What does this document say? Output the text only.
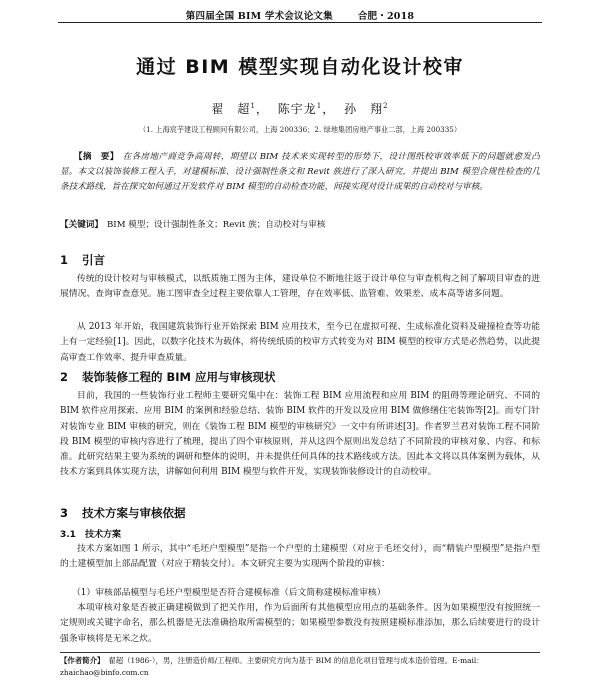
第四届全国 BIM 学术会议论文集	合肥・2018
通过 BIM 模型实现自动化设计校审
翟　超$^1$， 陈宇龙$^1$， 孙　翔$^2$
（1. 上海宸芋建设工程顾问有限公司，上海 200336；2. 绿地集团房地产事业二部，上海 200335）
【摘　要】 在各房地产商竞争高周转，期望以 BIM 技术来实现转型的形势下，设计图纸校审效率低下的问题就愈发凸显。本文以装饰装修工程入手，对建模标准、设计强制性条文和 Revit 族进行了深入研究，并提出 BIM 模型合规性检查的几条技术路线，旨在探究如何通过开发软件对 BIM 模型的自动检查功能，间接实现对设计成果的自动校对与审核。
【关键词】 BIM 模型；设计强制性条文；Revit 族；自动校对与审核
1 引言
传统的设计校对与审核模式，以纸质施工图为主体，建设单位不断地往返于设计单位与审查机构之间了解项目审查的进展情况、查询审查意见。施工图审查全过程主要依靠人工管理，存在效率低、监管难、效果差、成本高等诸多问题。
从 2013 年开始，我国建筑装饰行业开始探索 BIM 应用技术，至今已在虚拟可视、生成标准化资料及碰撞检查等功能上有一定经验[1]。因此，以数字化技术为载体，将传统纸质的校审方式转变为对 BIM 模型的校审方式是必然趋势，以此提高审查工作效率、提升审查质量。
2 装饰装修工程的 BIM 应用与审核现状
目前，我国的一些装饰行业工程师主要研究集中在：装饰工程 BIM 应用流程和应用 BIM 的阻碍等理论研究、不同的 BIM 软件应用探索、应用 BIM 的案例和经验总结、装饰 BIM 软件的开发以及应用 BIM 做修缮住宅装饰等[2]。而专门针对装饰专业 BIM 审核的研究，则在《装饰工程 BIM 模型的审核研究》一文中有所讲述[3]。作者罗兰君对装饰工程不同阶段 BIM 模型的审核内容进行了梳理，提出了四个审核原则，并从这四个原则出发总结了不同阶段的审核对象、内容、和标准。此研究结果主要为系统的调研和整体的说明，并未提供任何具体的技术路线或方法。因此本文将以具体案例为载体，从技术方案到具体实现方法，讲解如何利用 BIM 模型与软件开发，实现装饰装修设计的自动校审。
3 技术方案与审核依据
3.1　技术方案
技术方案如图 1 所示，其中“毛坯户型模型”是指一个户型的土建模型（对应于毛坯交付），而“精装户型模型”是指户型的土建模型加上部品配置（对应于精装交付）。本文研究主要为实现两个阶段的审核：
（1）审核部品模型与毛坯户型模型是否符合建模标准（后文简称建模标准审核）
本项审核对象是否被正确建模做到了把关作用，作为后面所有其他模型应用点的基础条件。因为如果模型没有按照统一定规则或关键字命名，那么机器是无法准确拾取所需模型的；如果模型参数没有按照建模标准添加，那么后续要进行的设计强条审核将是无米之炊。
【作者简介】 翟超（1986-），男，注册造价师/工程师。主要研究方向为基于 BIM 的信息化项目管理与成本造价管理。E-mail：zhaichao@binfo.com.cn
